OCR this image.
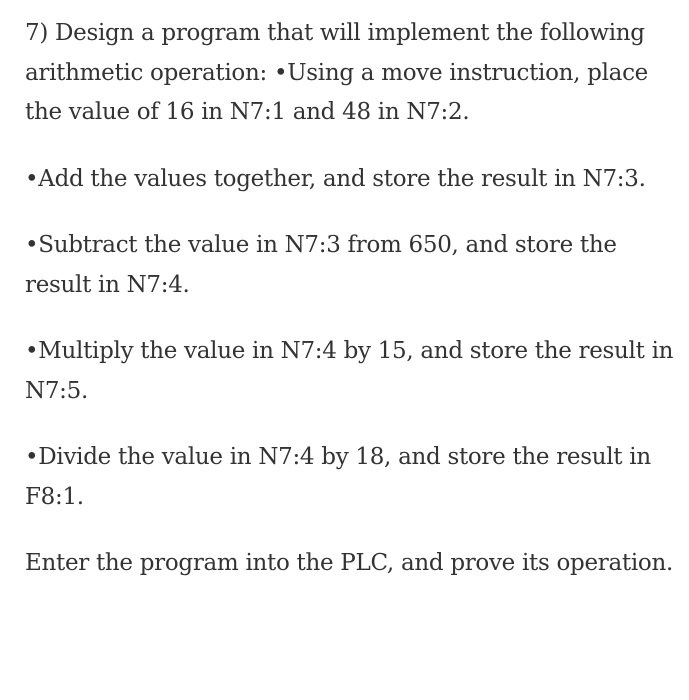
7) Design a program that will implement the following arithmetic operation: •Using a move instruction, place the value of 16 in N7:1 and 48 in N7:2.

•Add the values together, and store the result in N7:3.

•Subtract the value in N7:3 from 650, and store the result in N7:4.

•Multiply the value in N7:4 by 15, and store the result in N7:5.

•Divide the value in N7:4 by 18, and store the result in F8:1.

Enter the program into the PLC, and prove its operation.
